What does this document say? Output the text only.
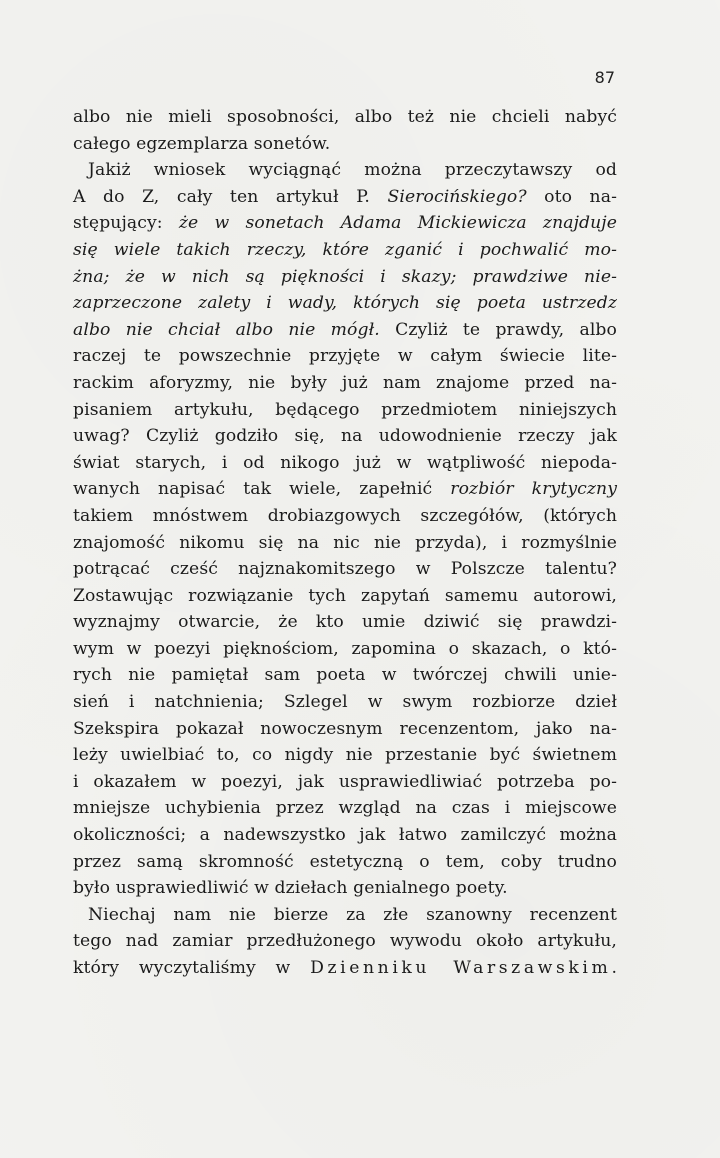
87
albo nie mieli sposobności, albo też nie chcieli nabyć
całego egzemplarza sonetów.
Jakiż wniosek wyciągnąć można przeczytawszy od
A do Z, cały ten artykuł P. Sierocińskiego? oto na-
stępujący: że w sonetach Adama Mickiewicza znajduje
się wiele takich rzeczy, które zganić i pochwalić mo-
żna; że w nich są piękności i skazy; prawdziwe nie-
zaprzeczone zalety i wady, których się poeta ustrzedz
albo nie chciał albo nie mógł. Czyliż te prawdy, albo
raczej te powszechnie przyjęte w całym świecie lite-
rackim aforyzmy, nie były już nam znajome przed na-
pisaniem artykułu, będącego przedmiotem niniejszych
uwag? Czyliż godziło się, na udowodnienie rzeczy jak
świat starych, i od nikogo już w wątpliwość niepoda-
wanych napisać tak wiele, zapełnić rozbiór krytyczny
takiem mnóstwem drobiazgowych szczegółów, (których
znajomość nikomu się na nic nie przyda), i rozmyślnie
potrącać cześć najznakomitszego w Polszcze talentu?
Zostawując rozwiązanie tych zapytań samemu autorowi,
wyznajmy otwarcie, że kto umie dziwić się prawdzi-
wym w poezyi pięknościom, zapomina o skazach, o któ-
rych nie pamiętał sam poeta w twórczej chwili unie-
sień i natchnienia; Szlegel w swym rozbiorze dzieł
Szekspira pokazał nowoczesnym recenzentom, jako na-
leży uwielbiać to, co nigdy nie przestanie być świetnem
i okazałem w poezyi, jak usprawiedliwiać potrzeba po-
mniejsze uchybienia przez wzgląd na czas i miejscowe
okoliczności; a nadewszystko jak łatwo zamilczyć można
przez samą skromność estetyczną o tem, coby trudno
było usprawiedliwić w dziełach genialnego poety.
Niechaj nam nie bierze za złe szanowny recenzent
tego nad zamiar przedłużonego wywodu około artykułu,
który wyczytaliśmy w Dzienniku Warszawskim.
